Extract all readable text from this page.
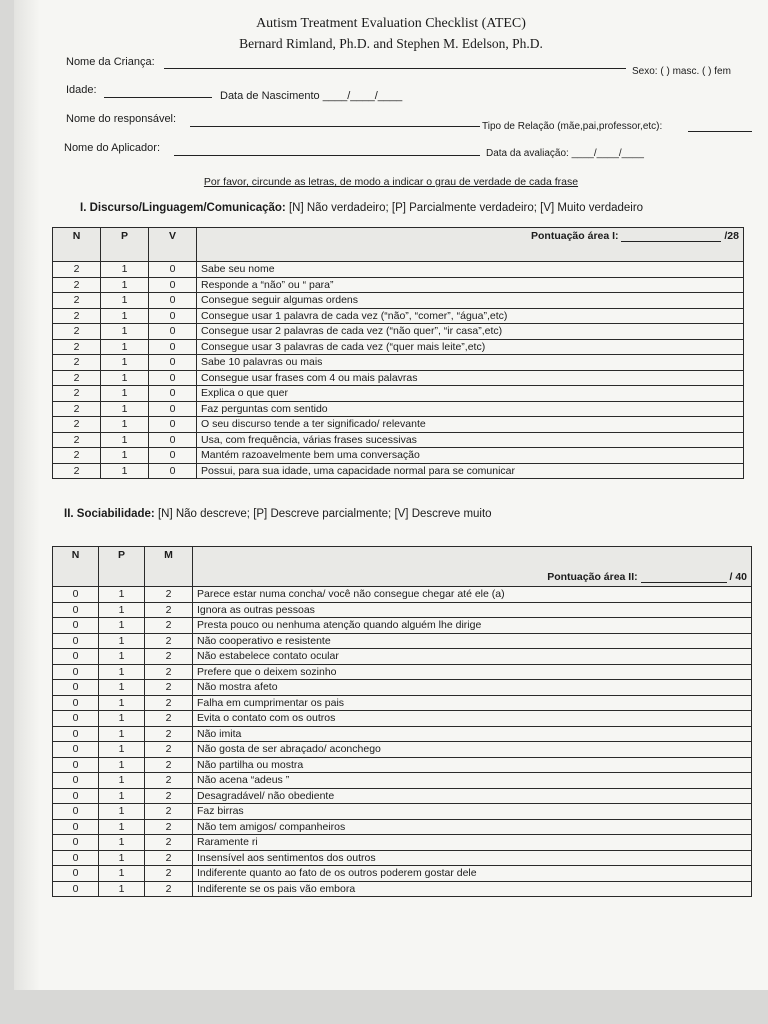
Autism Treatment Evaluation Checklist (ATEC)
Bernard Rimland, Ph.D. and Stephen M. Edelson, Ph.D.
Nome da Criança:
Sexo: ( ) masc. ( ) fem
Idade:	Data de Nascimento ____/____/____
Nome do responsável:
Tipo de Relação (mãe,pai,professor,etc):
Nome do Aplicador:	Data da avaliação: ____/____/____
Por favor, circunde as letras, de modo a indicar o grau de verdade de cada frase
I. Discurso/Linguagem/Comunicação: [N] Não verdadeiro; [P] Parcialmente verdadeiro; [V] Muito verdadeiro
N	P	V	Pontuação área I: /28
2	1	0	Sabe seu nome
2	1	0	Responde a “não” ou “ para”
2	1	0	Consegue seguir algumas ordens
2	1	0	Consegue usar 1 palavra de cada vez (“não”, “comer”, “água”,etc)
2	1	0	Consegue usar 2 palavras de cada vez (“não quer”, “ir casa”,etc)
2	1	0	Consegue usar 3 palavras de cada vez (“quer mais leite”,etc)
2	1	0	Sabe 10 palavras ou mais
2	1	0	Consegue usar frases com 4 ou mais palavras
2	1	0	Explica o que quer
2	1	0	Faz perguntas com sentido
2	1	0	O seu discurso tende a ter significado/ relevante
2	1	0	Usa, com frequência, várias frases sucessivas
2	1	0	Mantém razoavelmente bem uma conversação
2	1	0	Possui, para sua idade, uma capacidade normal para se comunicar
II. Sociabilidade: [N] Não descreve; [P] Descreve parcialmente; [V] Descreve muito
N	P	M	Pontuação área II: / 40
0	1	2	Parece estar numa concha/ você não consegue chegar até ele (a)
0	1	2	Ignora as outras pessoas
0	1	2	Presta pouco ou nenhuma atenção quando alguém lhe dirige
0	1	2	Não cooperativo e resistente
0	1	2	Não estabelece contato ocular
0	1	2	Prefere que o deixem sozinho
0	1	2	Não mostra afeto
0	1	2	Falha em cumprimentar os pais
0	1	2	Evita o contato com os outros
0	1	2	Não imita
0	1	2	Não gosta de ser abraçado/ aconchego
0	1	2	Não partilha ou mostra
0	1	2	Não acena “adeus ”
0	1	2	Desagradável/ não obediente
0	1	2	Faz birras
0	1	2	Não tem amigos/ companheiros
0	1	2	Raramente ri
0	1	2	Insensível aos sentimentos dos outros
0	1	2	Indiferente quanto ao fato de os outros poderem gostar dele
0	1	2	Indiferente se os pais vão embora
